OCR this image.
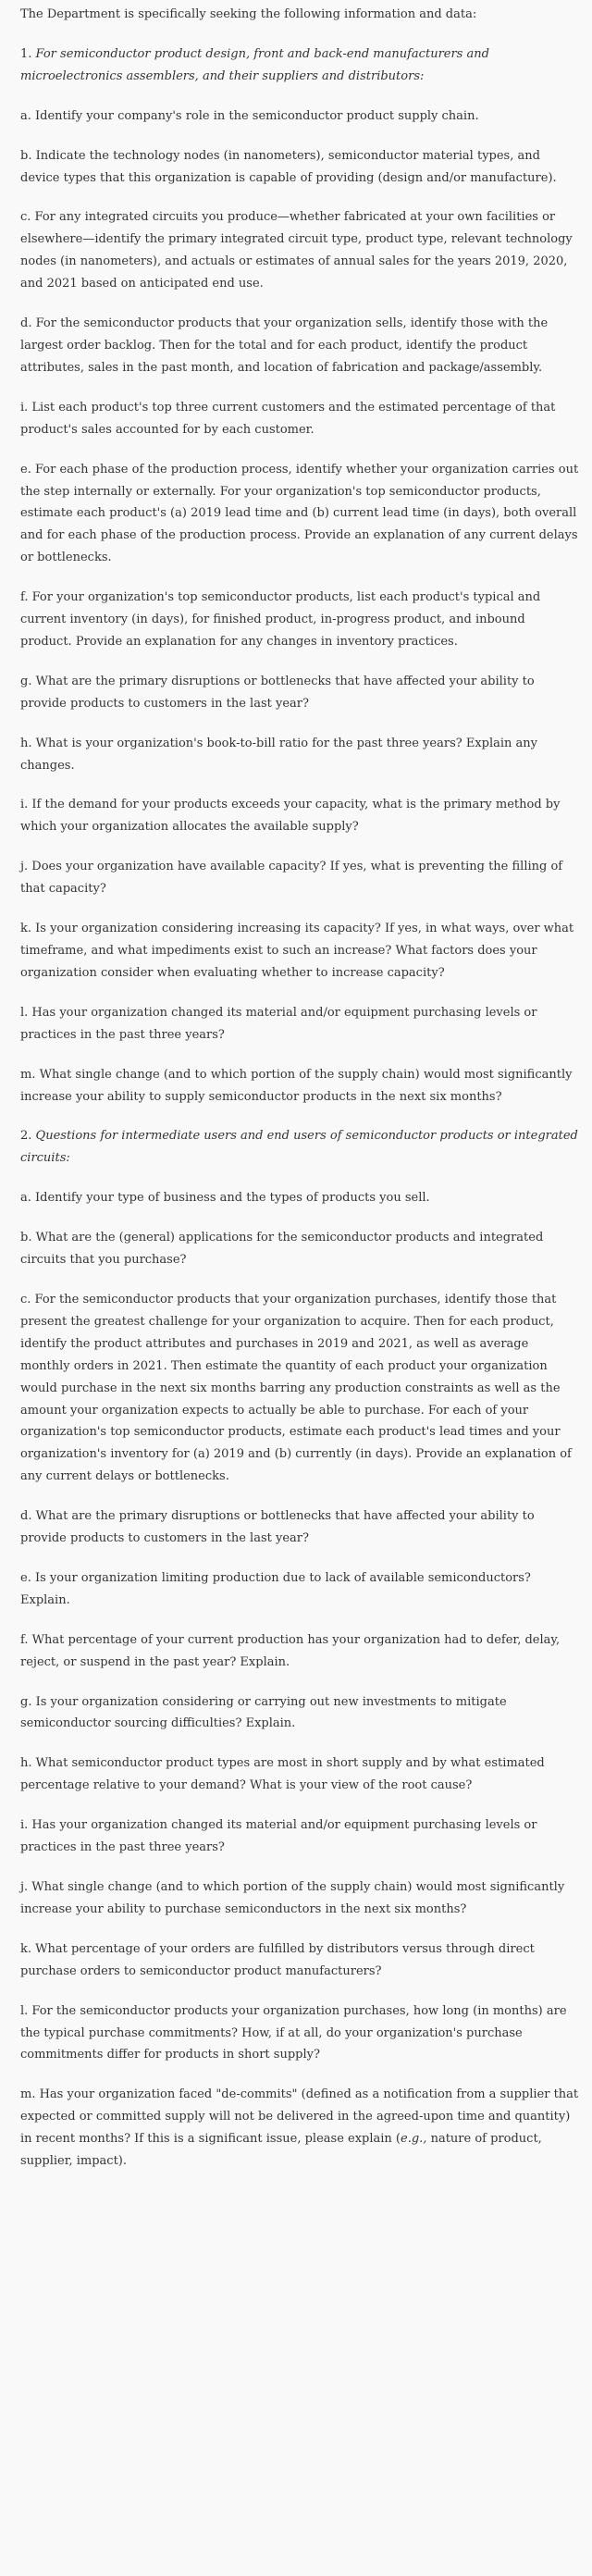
The Department is specifically seeking the following information and data:

1. For semiconductor product design, front and back-end manufacturers and microelectronics assemblers, and their suppliers and distributors:

a. Identify your company's role in the semiconductor product supply chain.

b. Indicate the technology nodes (in nanometers), semiconductor material types, and device types that this organization is capable of providing (design and/or manufacture).

c. For any integrated circuits you produce—whether fabricated at your own facilities or elsewhere—identify the primary integrated circuit type, product type, relevant technology nodes (in nanometers), and actuals or estimates of annual sales for the years 2019, 2020, and 2021 based on anticipated end use.

d. For the semiconductor products that your organization sells, identify those with the largest order backlog. Then for the total and for each product, identify the product attributes, sales in the past month, and location of fabrication and package/assembly.

i. List each product's top three current customers and the estimated percentage of that product's sales accounted for by each customer.

e. For each phase of the production process, identify whether your organization carries out the step internally or externally. For your organization's top semiconductor products, estimate each product's (a) 2019 lead time and (b) current lead time (in days), both overall and for each phase of the production process. Provide an explanation of any current delays or bottlenecks.

f. For your organization's top semiconductor products, list each product's typical and current inventory (in days), for finished product, in-progress product, and inbound product. Provide an explanation for any changes in inventory practices.

g. What are the primary disruptions or bottlenecks that have affected your ability to provide products to customers in the last year?

h. What is your organization's book-to-bill ratio for the past three years? Explain any changes.

i. If the demand for your products exceeds your capacity, what is the primary method by which your organization allocates the available supply?

j. Does your organization have available capacity? If yes, what is preventing the filling of that capacity?

k. Is your organization considering increasing its capacity? If yes, in what ways, over what timeframe, and what impediments exist to such an increase? What factors does your organization consider when evaluating whether to increase capacity?

l. Has your organization changed its material and/or equipment purchasing levels or practices in the past three years?

m. What single change (and to which portion of the supply chain) would most significantly increase your ability to supply semiconductor products in the next six months?

2. Questions for intermediate users and end users of semiconductor products or integrated circuits:

a. Identify your type of business and the types of products you sell.

b. What are the (general) applications for the semiconductor products and integrated circuits that you purchase?

c. For the semiconductor products that your organization purchases, identify those that present the greatest challenge for your organization to acquire. Then for each product, identify the product attributes and purchases in 2019 and 2021, as well as average monthly orders in 2021. Then estimate the quantity of each product your organization would purchase in the next six months barring any production constraints as well as the amount your organization expects to actually be able to purchase. For each of your organization's top semiconductor products, estimate each product's lead times and your organization's inventory for (a) 2019 and (b) currently (in days). Provide an explanation of any current delays or bottlenecks.

d. What are the primary disruptions or bottlenecks that have affected your ability to provide products to customers in the last year?

e. Is your organization limiting production due to lack of available semiconductors? Explain.

f. What percentage of your current production has your organization had to defer, delay, reject, or suspend in the past year? Explain.

g. Is your organization considering or carrying out new investments to mitigate semiconductor sourcing difficulties? Explain.

h. What semiconductor product types are most in short supply and by what estimated percentage relative to your demand? What is your view of the root cause?

i. Has your organization changed its material and/or equipment purchasing levels or practices in the past three years?

j. What single change (and to which portion of the supply chain) would most significantly increase your ability to purchase semiconductors in the next six months?

k. What percentage of your orders are fulfilled by distributors versus through direct purchase orders to semiconductor product manufacturers?

l. For the semiconductor products your organization purchases, how long (in months) are the typical purchase commitments? How, if at all, do your organization's purchase commitments differ for products in short supply?

m. Has your organization faced "de-commits" (defined as a notification from a supplier that expected or committed supply will not be delivered in the agreed-upon time and quantity) in recent months? If this is a significant issue, please explain (e.g., nature of product, supplier, impact).
